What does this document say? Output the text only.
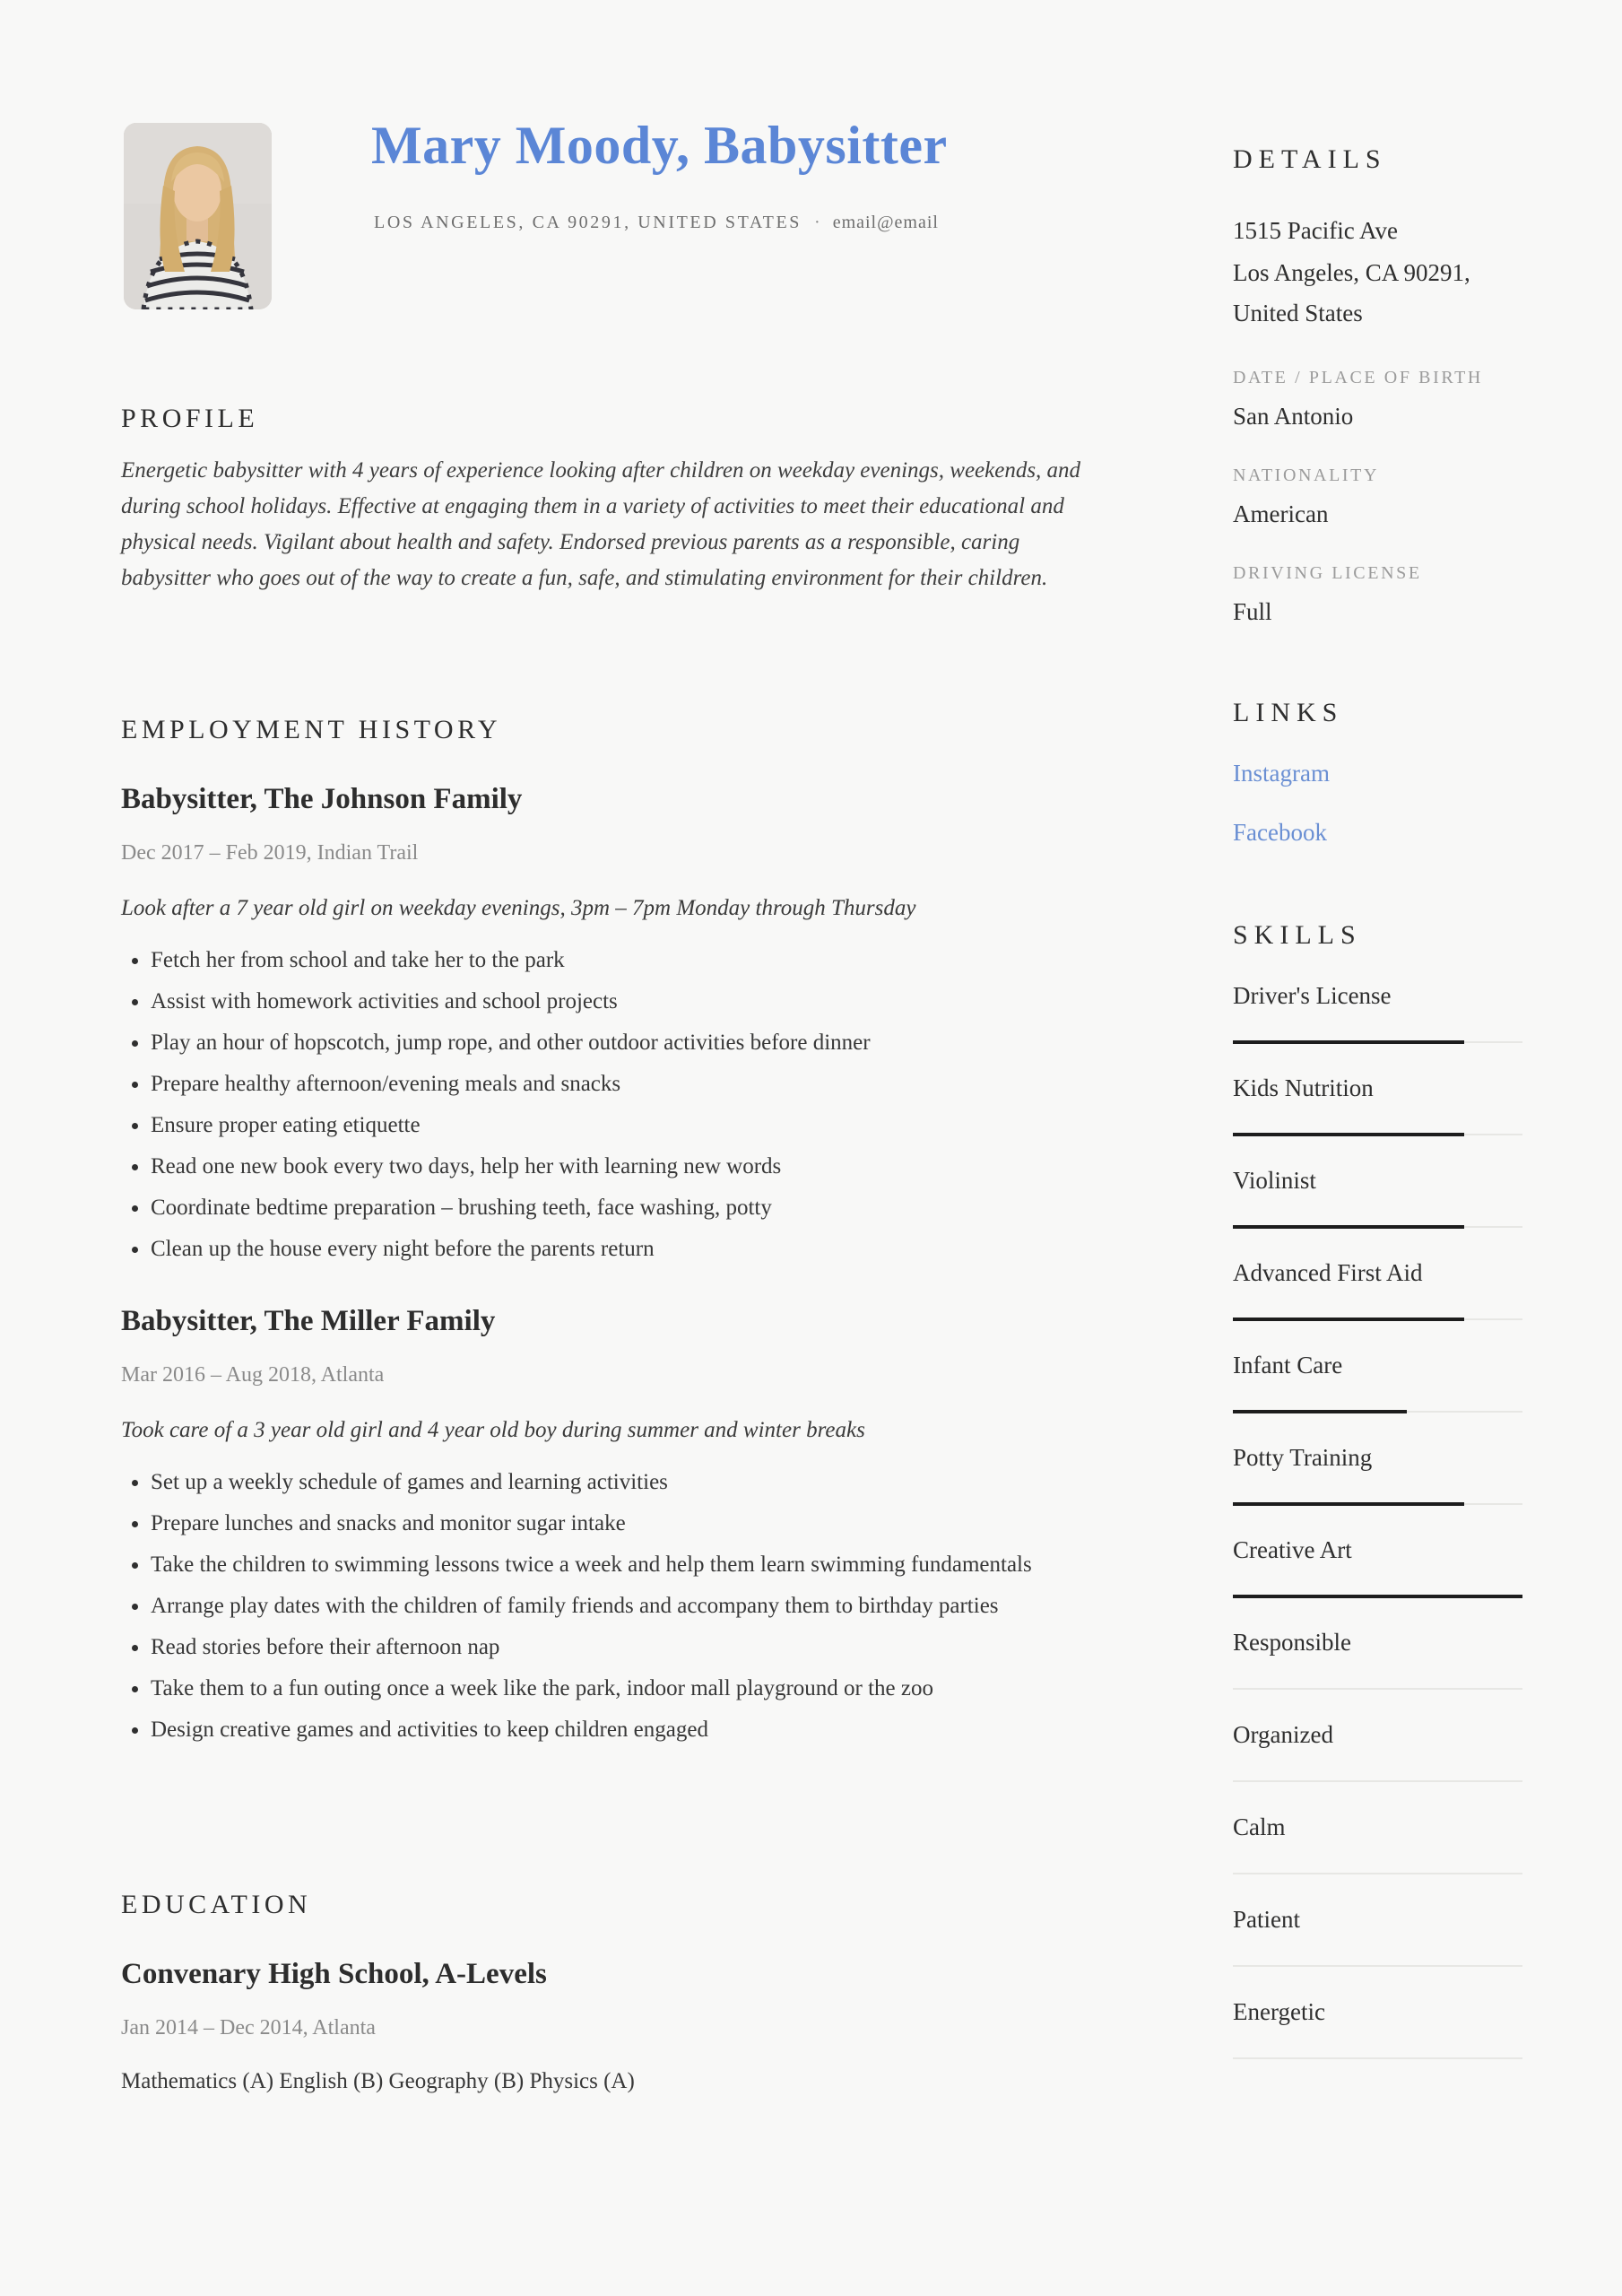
Mary Moody, Babysitter
LOS ANGELES, CA 90291, UNITED STATES · email@email
PROFILE

Energetic babysitter with 4 years of experience looking after children on weekday evenings, weekends, and during school holidays. Effective at engaging them in a variety of activities to meet their educational and physical needs. Vigilant about health and safety. Endorsed previous parents as a responsible, caring babysitter who goes out of the way to create a fun, safe, and stimulating environment for their children.

EMPLOYMENT HISTORY
Babysitter, The Johnson Family
Dec 2017 – Feb 2019, Indian Trail
Look after a 7 year old girl on weekday evenings, 3pm – 7pm Monday through Thursday
Fetch her from school and take her to the park
Assist with homework activities and school projects
Play an hour of hopscotch, jump rope, and other outdoor activities before dinner
Prepare healthy afternoon/evening meals and snacks
Ensure proper eating etiquette
Read one new book every two days, help her with learning new words
Coordinate bedtime preparation – brushing teeth, face washing, potty
Clean up the house every night before the parents return
Babysitter, The Miller Family
Mar 2016 – Aug 2018, Atlanta
Took care of a 3 year old girl and 4 year old boy during summer and winter breaks
Set up a weekly schedule of games and learning activities
Prepare lunches and snacks and monitor sugar intake
Take the children to swimming lessons twice a week and help them learn swimming fundamentals
Arrange play dates with the children of family friends and accompany them to birthday parties
Read stories before their afternoon nap
Take them to a fun outing once a week like the park, indoor mall playground or the zoo
Design creative games and activities to keep children engaged
EDUCATION
Convenary High School, A-Levels
Jan 2014 – Dec 2014, Atlanta
Mathematics (A) English (B) Geography (B) Physics (A)
DETAILS
1515 Pacific Ave
Los Angeles, CA 90291, United States
DATE / PLACE OF BIRTH
San Antonio
NATIONALITY
American
DRIVING LICENSE
Full
LINKS
Instagram
Facebook
SKILLS
Driver's License
Kids Nutrition
Violinist
Advanced First Aid
Infant Care
Potty Training
Creative Art
Responsible
Organized
Calm
Patient
Energetic
